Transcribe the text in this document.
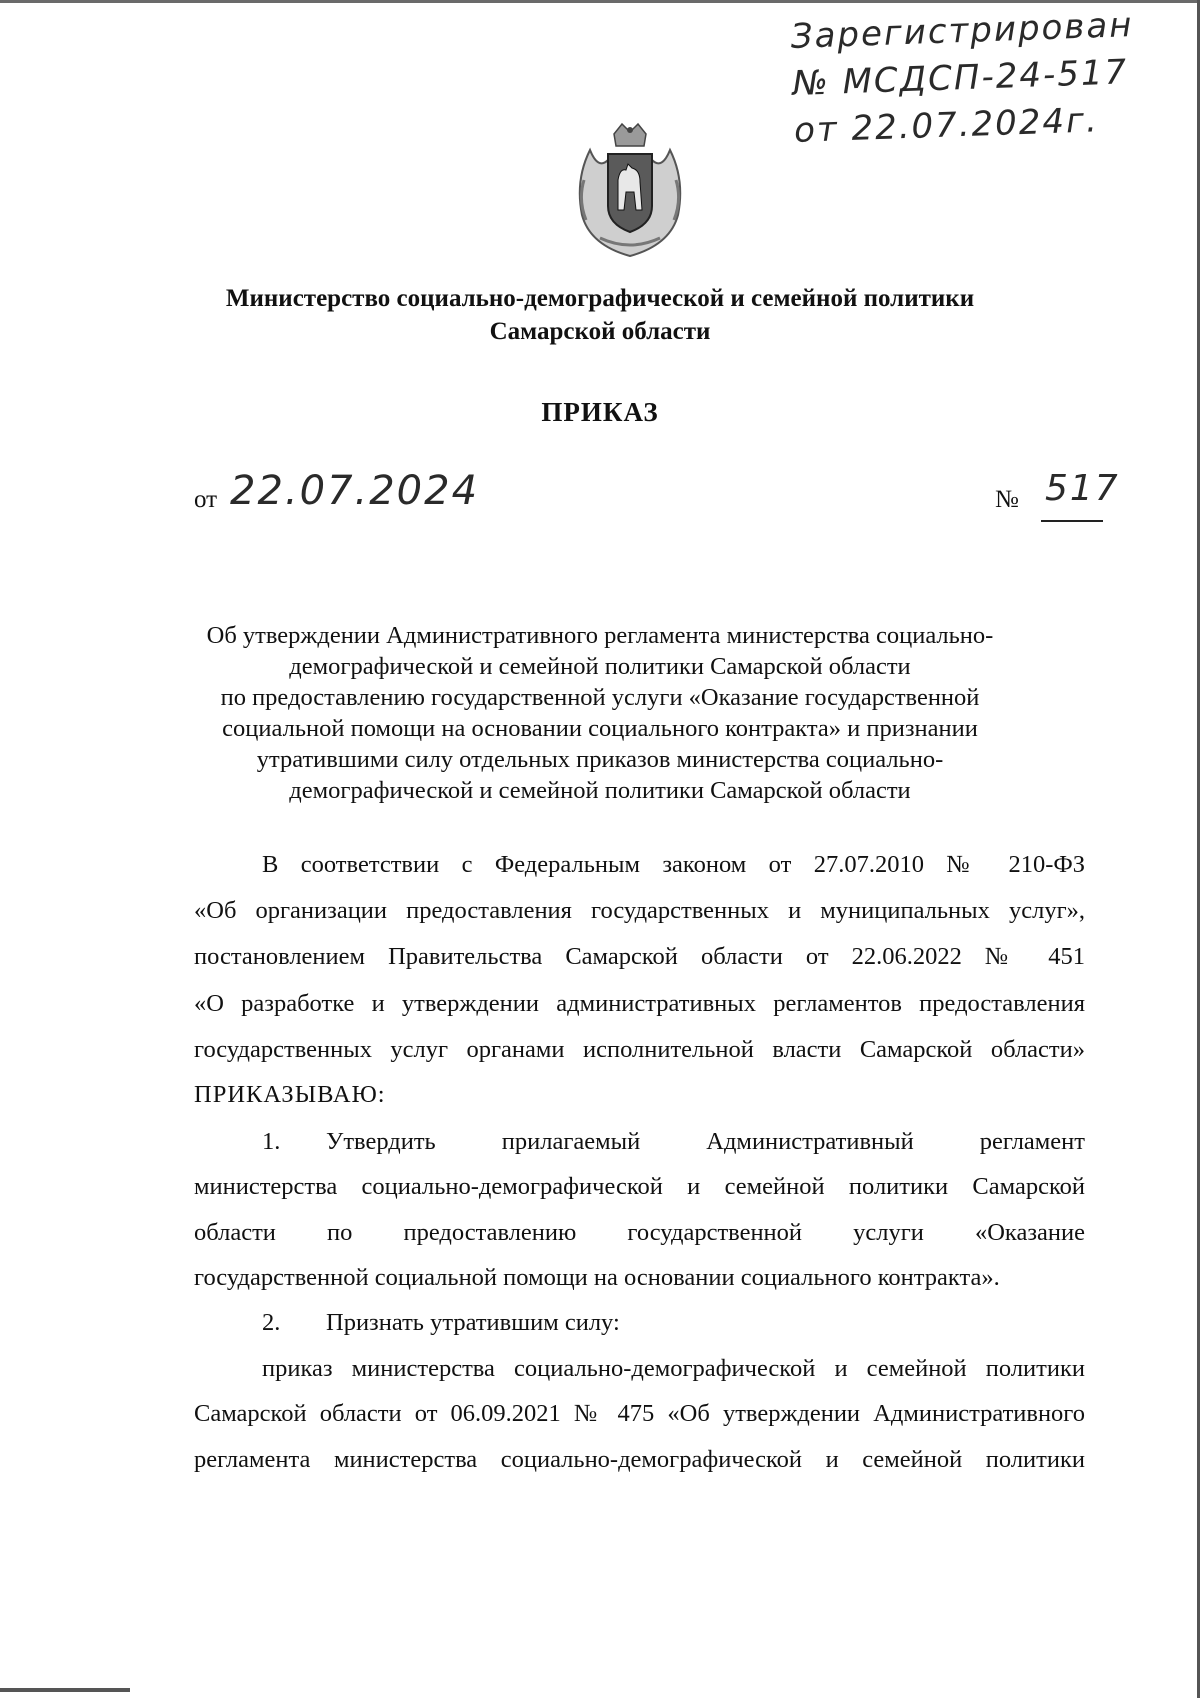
Зарегистрирован
№ МСДСП-24-517
от 22.07.2024г.
Министерство социально-демографической и семейной политики
Самарской области
ПРИКАЗ
от 22.07.2024	№ 517
Об утверждении Административного регламента министерства социально-
демографической и семейной политики Самарской области
по предоставлению государственной услуги «Оказание государственной
социальной помощи на основании социального контракта» и признании
утратившими силу отдельных приказов министерства социально-
демографической и семейной политики Самарской области
В соответствии с Федеральным законом от 27.07.2010 № 210-ФЗ
«Об организации предоставления государственных и муниципальных услуг»,
постановлением Правительства Самарской области от 22.06.2022 № 451
«О разработке и утверждении административных регламентов предоставления
государственных услуг органами исполнительной власти Самарской области»
ПРИКАЗЫВАЮ:
1. Утвердить прилагаемый Административный регламент
министерства социально-демографической и семейной политики Самарской
области по предоставлению государственной услуги «Оказание
государственной социальной помощи на основании социального контракта».
2. Признать утратившим силу:
приказ министерства социально-демографической и семейной политики
Самарской области от 06.09.2021 № 475 «Об утверждении Административного
регламента министерства социально-демографической и семейной политики
